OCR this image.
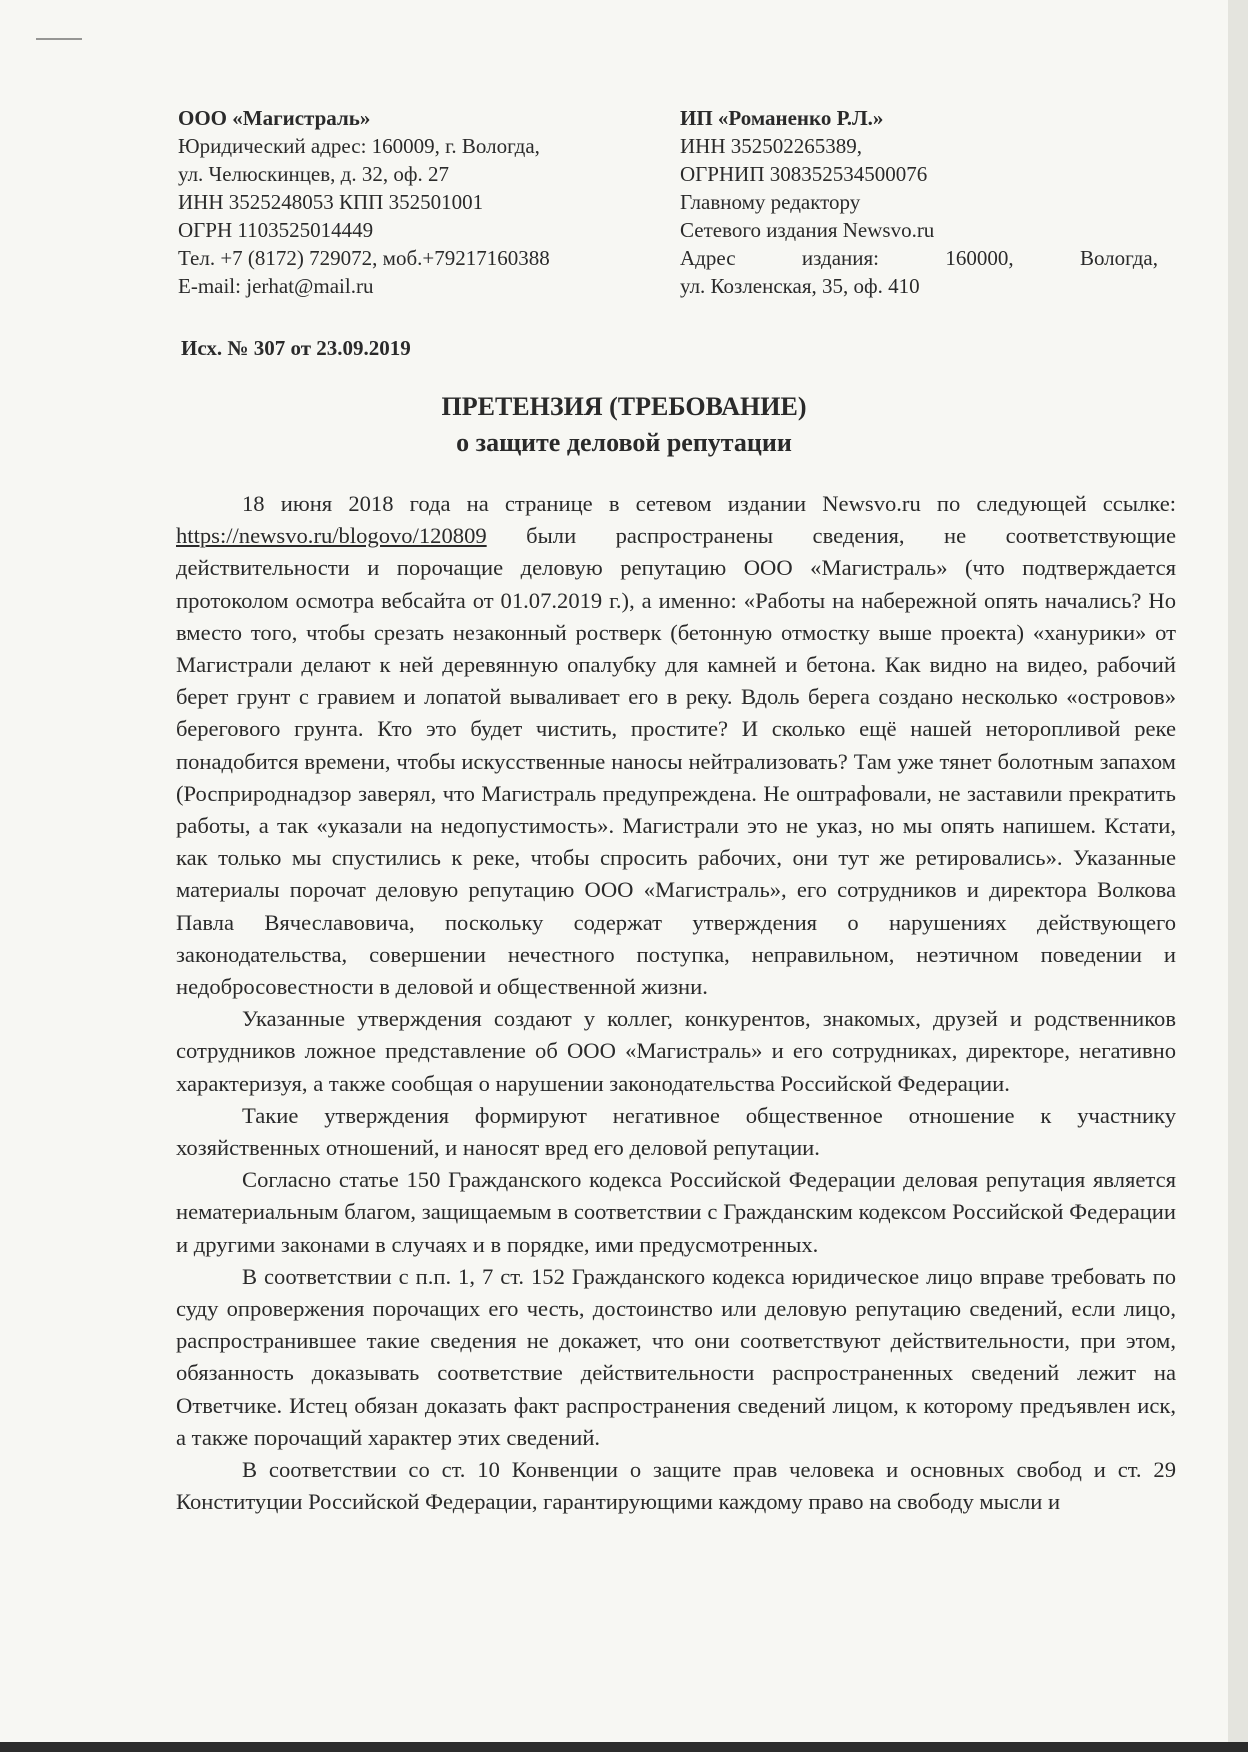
ООО «Магистраль»
Юридический адрес: 160009, г. Вологда,
ул. Челюскинцев, д. 32, оф. 27
ИНН 3525248053 КПП 352501001
ОГРН 1103525014449
Тел. +7 (8172) 729072, моб.+79217160388
E-mail: jerhat@mail.ru
ИП «Романенко Р.Л.»
ИНН 352502265389,
ОГРНИП 308352534500076
Главному редактору
Сетевого издания Newsvo.ru
Адрес	издания:	160000,	Вологда,
ул. Козленская, 35, оф. 410
Исх. № 307 от 23.09.2019
ПРЕТЕНЗИЯ (ТРЕБОВАНИЕ)
о защите деловой репутации

18 июня 2018 года на странице в сетевом издании Newsvo.ru по следующей ссылке: https://newsvo.ru/blogovo/120809 были распространены сведения, не соответствующие действительности и порочащие деловую репутацию ООО «Магистраль» (что подтверждается протоколом осмотра вебсайта от 01.07.2019 г.), а именно: «Работы на набережной опять начались? Но вместо того, чтобы срезать незаконный ростверк (бетонную отмостку выше проекта) «ханурики» от Магистрали делают к ней деревянную опалубку для камней и бетона. Как видно на видео, рабочий берет грунт с гравием и лопатой вываливает его в реку. Вдоль берега создано несколько «островов» берегового грунта. Кто это будет чистить, простите? И сколько ещё нашей неторопливой реке понадобится времени, чтобы искусственные наносы нейтрализовать? Там уже тянет болотным запахом (Росприроднадзор заверял, что Магистраль предупреждена. Не оштрафовали, не заставили прекратить работы, а так «указали на недопустимость». Магистрали это не указ, но мы опять напишем. Кстати, как только мы спустились к реке, чтобы спросить рабочих, они тут же ретировались». Указанные материалы порочат деловую репутацию ООО «Магистраль», его сотрудников и директора Волкова Павла Вячеславовича, поскольку содержат утверждения о нарушениях действующего законодательства, совершении нечестного поступка, неправильном, неэтичном поведении и недобросовестности в деловой и общественной жизни.

Указанные утверждения создают у коллег, конкурентов, знакомых, друзей и родственников сотрудников ложное представление об ООО «Магистраль» и его сотрудниках, директоре, негативно характеризуя, а также сообщая о нарушении законодательства Российской Федерации.

Такие утверждения формируют негативное общественное отношение к участнику хозяйственных отношений, и наносят вред его деловой репутации.

Согласно статье 150 Гражданского кодекса Российской Федерации деловая репутация является нематериальным благом, защищаемым в соответствии с Гражданским кодексом Российской Федерации и другими законами в случаях и в порядке, ими предусмотренных.

В соответствии с п.п. 1, 7 ст. 152 Гражданского кодекса юридическое лицо вправе требовать по суду опровержения порочащих его честь, достоинство или деловую репутацию сведений, если лицо, распространившее такие сведения не докажет, что они соответствуют действительности, при этом, обязанность доказывать соответствие действительности распространенных сведений лежит на Ответчике. Истец обязан доказать факт распространения сведений лицом, к которому предъявлен иск, а также порочащий характер этих сведений.

В соответствии со ст. 10 Конвенции о защите прав человека и основных свобод и ст. 29 Конституции Российской Федерации, гарантирующими каждому право на свободу мысли и
